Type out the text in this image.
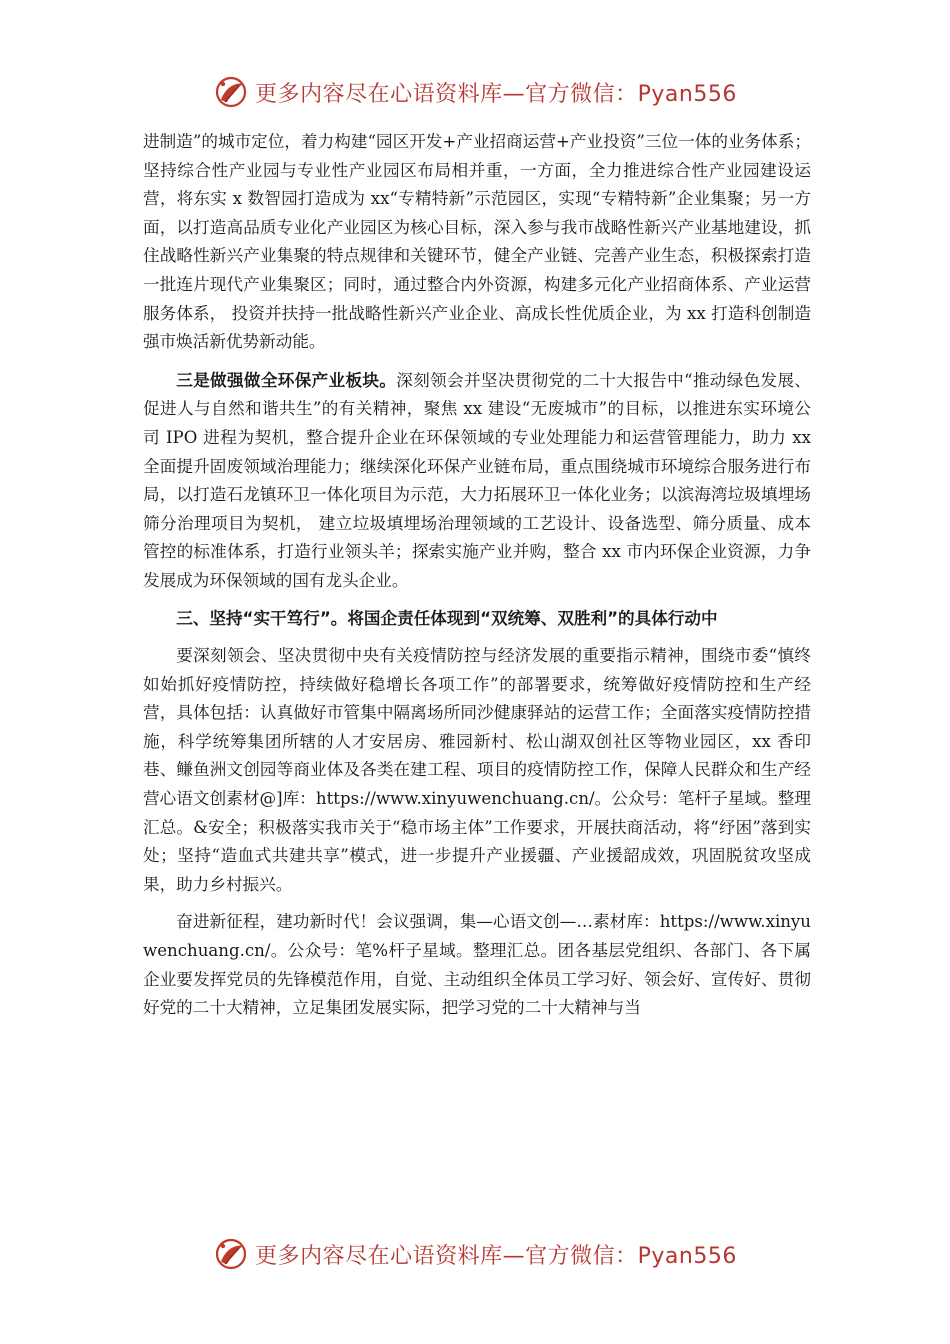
更多内容尽在心语资料库—官方微信：Pyan556

进制造”的城市定位，着力构建“园区开发+产业招商运营+产业投资”三位一体的业务体系；坚持综合性产业园与专业性产业园区布局相并重，一方面，全力推进综合性产业园建设运营，将东实 x 数智园打造成为 xx“专精特新”示范园区，实现“专精特新”企业集聚；另一方面，以打造高品质专业化产业园区为核心目标，深入参与我市战略性新兴产业基地建设，抓住战略性新兴产业集聚的特点规律和关键环节，健全产业链、完善产业生态，积极探索打造一批连片现代产业集聚区；同时，通过整合内外资源，构建多元化产业招商体系、产业运营服务体系， 投资并扶持一批战略性新兴产业企业、高成长性优质企业，为 xx 打造科创制造强市焕活新优势新动能。

三是做强做全环保产业板块。深刻领会并坚决贯彻党的二十大报告中“推动绿色发展、促进人与自然和谐共生”的有关精神，聚焦 xx 建设“无废城市”的目标，以推进东实环境公司 IPO 进程为契机，整合提升企业在环保领域的专业处理能力和运营管理能力，助力 xx 全面提升固废领域治理能力；继续深化环保产业链布局，重点围绕城市环境综合服务进行布局，以打造石龙镇环卫一体化项目为示范，大力拓展环卫一体化业务；以滨海湾垃圾填埋场筛分治理项目为契机， 建立垃圾填埋场治理领域的工艺设计、设备选型、筛分质量、成本管控的标准体系，打造行业领头羊；探索实施产业并购，整合 xx 市内环保企业资源，力争发展成为环保领域的国有龙头企业。

三、坚持“实干笃行”。将国企责任体现到“双统筹、双胜利”的具体行动中

要深刻领会、坚决贯彻中央有关疫情防控与经济发展的重要指示精神，围绕市委“慎终如始抓好疫情防控，持续做好稳增长各项工作”的部署要求，统筹做好疫情防控和生产经营，具体包括：认真做好市管集中隔离场所同沙健康驿站的运营工作；全面落实疫情防控措施，科学统筹集团所辖的人才安居房、雅园新村、松山湖双创社区等物业园区，xx 香印巷、鳒鱼洲文创园等商业体及各类在建工程、项目的疫情防控工作，保障人民群众和生产经营心语文创素材@]库：https://www.xinyuwenchuang.cn/。公众号：笔杆子星域。整理汇总。&安全；积极落实我市关于“稳市场主体”工作要求，开展扶商活动，将“纾困”落到实处；坚持“造血式共建共享”模式，进一步提升产业援疆、产业援韶成效，巩固脱贫攻坚成果，助力乡村振兴。

奋进新征程，建功新时代！会议强调，集—心语文创—…素材库：https://www.xinyuwenchuang.cn/。公众号：笔%杆子星域。整理汇总。团各基层党组织、各部门、各下属企业要发挥党员的先锋模范作用，自觉、主动组织全体员工学习好、领会好、宣传好、贯彻好党的二十大精神，立足集团发展实际，把学习党的二十大精神与当

更多内容尽在心语资料库—官方微信：Pyan556
